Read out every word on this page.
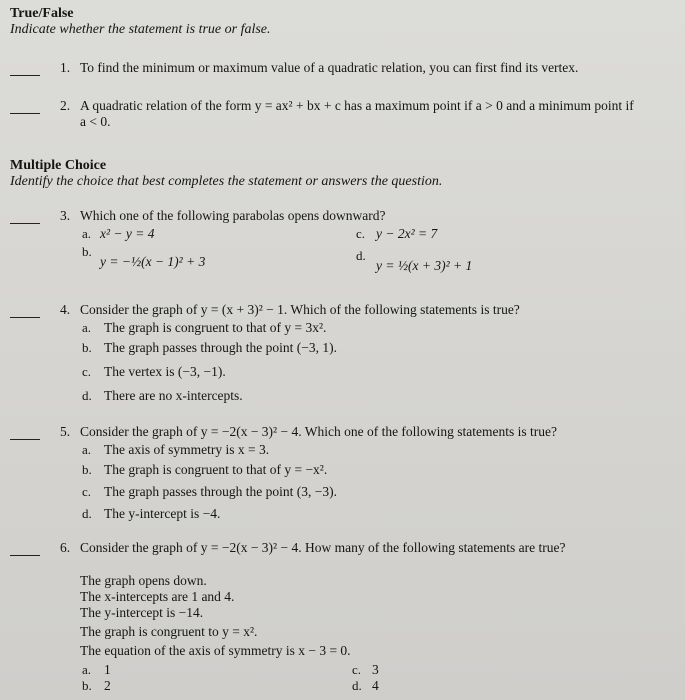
True/False
Indicate whether the statement is true or false.
1. To find the minimum or maximum value of a quadratic relation, you can first find its vertex.
2. A quadratic relation of the form y = ax² + bx + c has a maximum point if a > 0 and a minimum point if
a < 0.
Multiple Choice
Identify the choice that best completes the statement or answers the question.
3. Which one of the following parabolas opens downward?
a. x² − y = 4
b.
y = −½(x − 1)² + 3
c. y − 2x² = 7
d.
y = ½(x + 3)² + 1
4. Consider the graph of y = (x + 3)² − 1. Which of the following statements is true?
a. The graph is congruent to that of y = 3x².
b. The graph passes through the point (−3, 1).
c. The vertex is (−3, −1).
d. There are no x-intercepts.
5. Consider the graph of y = −2(x − 3)² − 4. Which one of the following statements is true?
a. The axis of symmetry is x = 3.
b. The graph is congruent to that of y = −x².
c. The graph passes through the point (3, −3).
d. The y-intercept is −4.
6. Consider the graph of y = −2(x − 3)² − 4. How many of the following statements are true?
The graph opens down.
The x-intercepts are 1 and 4.
The y-intercept is −14.
The graph is congruent to y = x².
The equation of the axis of symmetry is x − 3 = 0.
a. 1
b. 2
c. 3
d. 4
